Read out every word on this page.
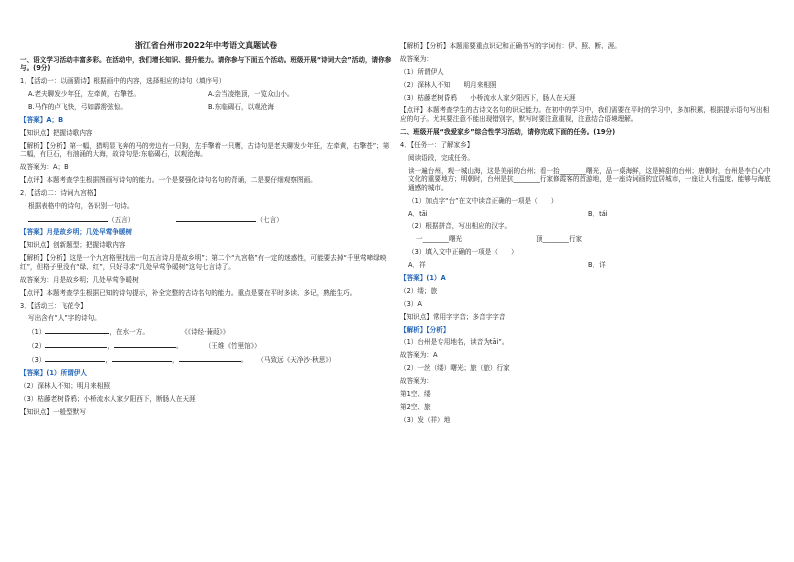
浙江省台州市2022年中考语文真题试卷
一、语文学习活动丰富多彩。在活动中，我们增长知识、提升能力。请你参与下面五个活动。班级开展“诗词大会”活动，请你参与。(9分)
1．【活动一：以画猜诗】根据画中的内容，选择相应的诗句（填序号）
A.老夫聊发少年狂，左牵黄，右擎苍。	A.会当凌绝顶，一览众山小。
B.马作的卢飞快，弓如霹雳弦惊。	B.东临碣石，以观沧海
【答案】A；B
【知识点】把握诗歌内容
【解析】【分析】第一幅，猎明显飞奔的马的旁边有一只狗，左手擎着一只鹰，古诗句是老夫聊发少年狂，左牵黄，右擎苍”；第二幅，有巨石，有汹涌的大海，故诗句是:东临碣石，以观沧海。
故答案为：A；B
【点评】本题考查学生根据图画写诗句的能力。一个是要强化诗句名句的背诵，二是要仔细观察图画。
2．【活动二：诗词九宫格】
根据表格中的诗句，各识别一句诗。
（五言）	（七言）
【答案】月是故乡明；几处早莺争暖树
【知识点】创新题型；把握诗歌内容
【解析】【分析】这是一个九宫格里找出一句五言诗月是故乡明”；第二个“九宫格”有一定的迷惑性，可能要去掉“千里莺啼绿映红”，但格子里没有“绿、红”，只好寻求“几处早莺争暖树”这句七言诗了。
故答案为：月是故乡明；几处早莺争暖树
【点评】本题考查学生根据已知的诗句提示，补全完整的古诗名句的能力。重点是要在平时多读、多记，熟能生巧。
3．【活动三：飞花令】
写出含有“人”字的诗句。
（1）	，在水一方。	《《诗经·蒹葭》》
（2）	，	。	（王维《竹里馆》）
（3）	，	，	。 （马致远《天净沙·秋思》）
【答案】(1）所谓伊人
（2）深林人不知；明月来相照
（3）枯藤老树昏鸦；小桥流水人家夕阳西下，断肠人在天涯
【知识点】一般型默写
【解析】【分析】本题需要重点识记和正确书写的字词有：伊、照、断、涯。
故答案为：
（1）所谓伊人
（2）深林人不知　　明月来相照
（3）枯藤老树昏鸦　　小桥流水人家夕阳西下，肠人在天涯
【点评】本题考查学生的古诗文名句的识记能力。在初中的学习中，我们需要在平时的学习中，多加积累，根据提示语句写出相应的句子。尤其要注意不能出现错别字，默写时要注意重视，注意结合语境理解。
二、班级开展“我爱家乡”综合性学习活动，请你完成下面的任务。(19分)
4．【任务一：了解家乡】
阅读语段，完成任务。
读一遍台州，观一城山海，这是美丽的台州；看一抬________曙光，品一桌海鲜，这是鲜甜的台州；唐朝时，台州是李白心中文化的重要地方；明朝时，台州是抗________行家修霞客的首游地，是一座诗词画的宜居城市，一座让人有温度、能够与海底通感的城市。
（1）加点字“台”在文中读音正确的一项是（　　）
A．tāi	B．tái
（2）根据拼音，写出相应的汉字。
一________曙光	顶________行家
（3）填入文中正确的一项是（　　）
A．祥	B．详
【答案】(1）A
（2）缕；旅
（3）A
【知识点】常用字字音；多音字字音
【解析】【分析】
（1）台州是专用地名，读音为tāi”。
故答案为：A
（2）一丝（缕）曙光；旅（旅）行家
故答案为：
第1空、缕
第2空、旅
（3）发（祥）地
